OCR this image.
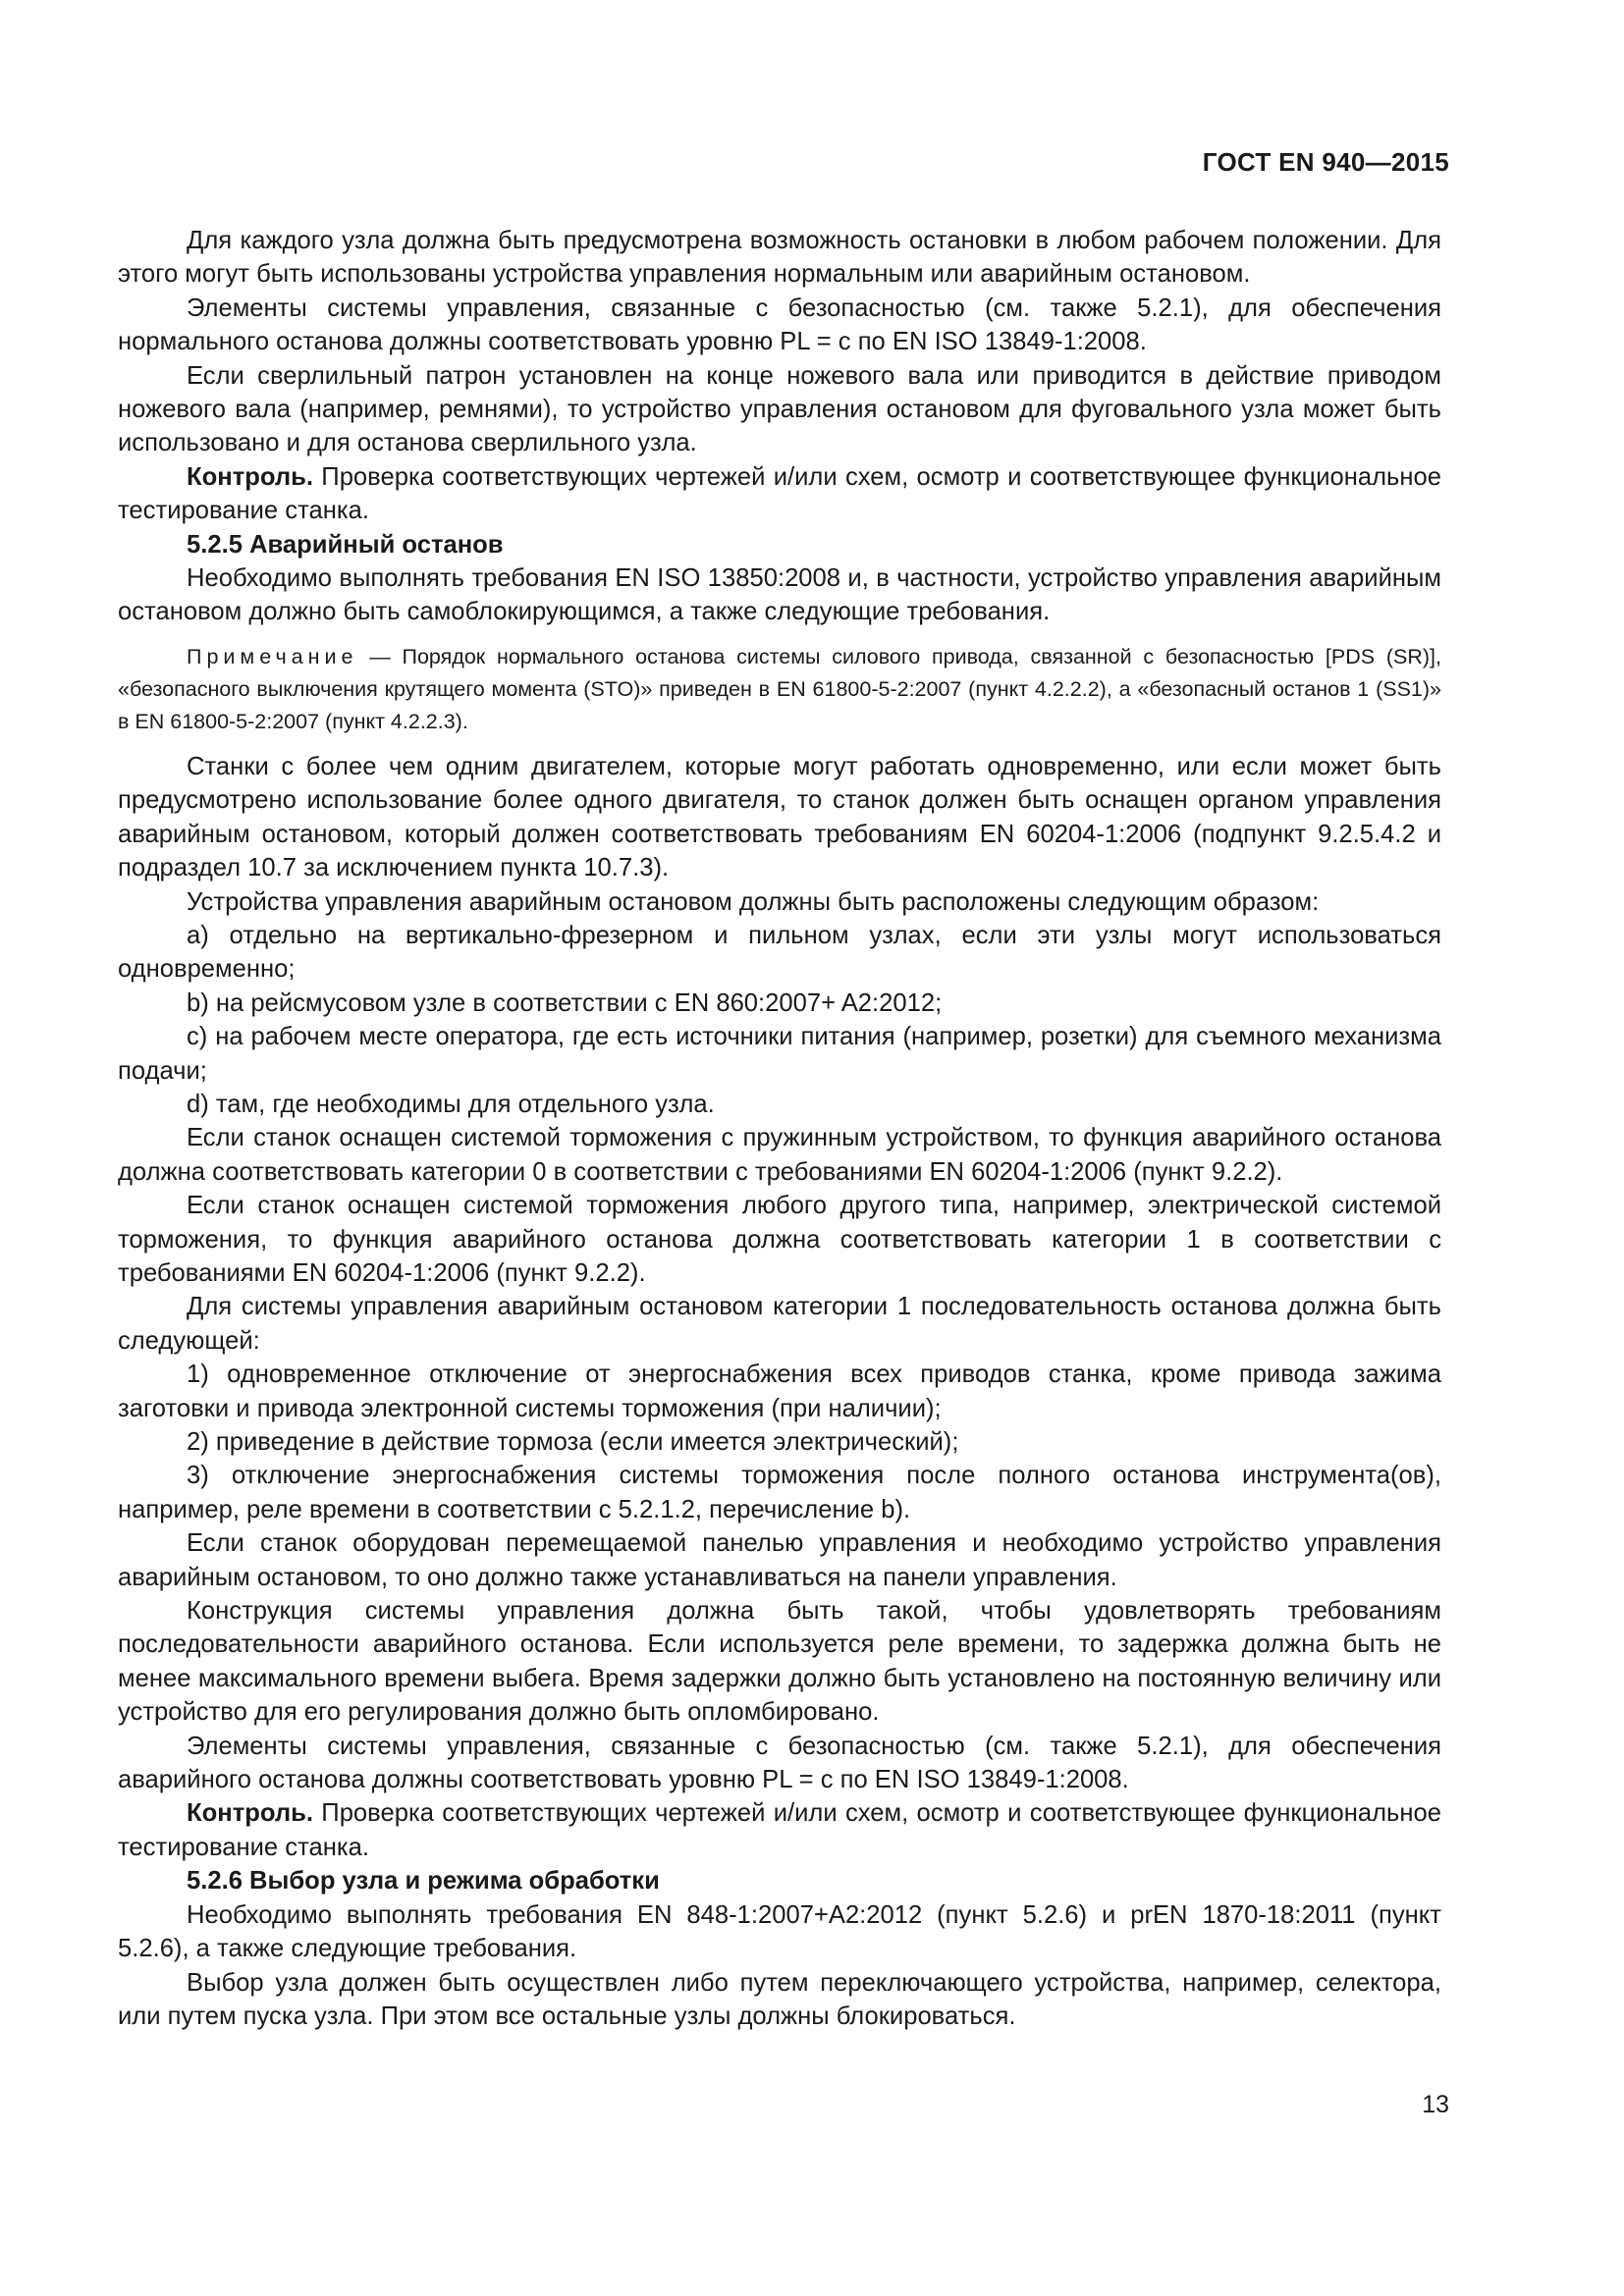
ГОСТ EN 940—2015

Для каждого узла должна быть предусмотрена возможность остановки в любом рабочем положении. Для этого могут быть использованы устройства управления нормальным или аварийным остановом.

Элементы системы управления, связанные с безопасностью (см. также 5.2.1), для обеспечения нормального останова должны соответствовать уровню PL = c по EN ISO 13849-1:2008.

Если сверлильный патрон установлен на конце ножевого вала или приводится в действие приводом ножевого вала (например, ремнями), то устройство управления остановом для фуговального узла может быть использовано и для останова сверлильного узла.

Контроль. Проверка соответствующих чертежей и/или схем, осмотр и соответствующее функциональное тестирование станка.

5.2.5 Аварийный останов

Необходимо выполнять требования EN ISO 13850:2008 и, в частности, устройство управления аварийным остановом должно быть самоблокирующимся, а также следующие требования.

Примечание — Порядок нормального останова системы силового привода, связанной с безопасностью [PDS (SR)], «безопасного выключения крутящего момента (STO)» приведен в EN 61800-5-2:2007 (пункт 4.2.2.2), а «безопасный останов 1 (SS1)» в EN 61800-5-2:2007 (пункт 4.2.2.3).

Станки с более чем одним двигателем, которые могут работать одновременно, или если может быть предусмотрено использование более одного двигателя, то станок должен быть оснащен органом управления аварийным остановом, который должен соответствовать требованиям EN 60204-1:2006 (подпункт 9.2.5.4.2 и подраздел 10.7 за исключением пункта 10.7.3).

Устройства управления аварийным остановом должны быть расположены следующим образом:

a) отдельно на вертикально-фрезерном и пильном узлах, если эти узлы могут использоваться одновременно;

b) на рейсмусовом узле в соответствии с EN 860:2007+ A2:2012;

c) на рабочем месте оператора, где есть источники питания (например, розетки) для съемного механизма подачи;

d) там, где необходимы для отдельного узла.

Если станок оснащен системой торможения с пружинным устройством, то функция аварийного останова должна соответствовать категории 0 в соответствии с требованиями EN 60204-1:2006 (пункт 9.2.2).

Если станок оснащен системой торможения любого другого типа, например, электрической системой торможения, то функция аварийного останова должна соответствовать категории 1 в соответствии с требованиями EN 60204-1:2006 (пункт 9.2.2).

Для системы управления аварийным остановом категории 1 последовательность останова должна быть следующей:

1) одновременное отключение от энергоснабжения всех приводов станка, кроме привода зажима заготовки и привода электронной системы торможения (при наличии);

2) приведение в действие тормоза (если имеется электрический);

3) отключение энергоснабжения системы торможения после полного останова инструмента(ов), например, реле времени в соответствии с 5.2.1.2, перечисление b).

Если станок оборудован перемещаемой панелью управления и необходимо устройство управления аварийным остановом, то оно должно также устанавливаться на панели управления.

Конструкция системы управления должна быть такой, чтобы удовлетворять требованиям последовательности аварийного останова. Если используется реле времени, то задержка должна быть не менее максимального времени выбега. Время задержки должно быть установлено на постоянную величину или устройство для его регулирования должно быть опломбировано.

Элементы системы управления, связанные с безопасностью (см. также 5.2.1), для обеспечения аварийного останова должны соответствовать уровню PL = c по EN ISO 13849-1:2008.

Контроль. Проверка соответствующих чертежей и/или схем, осмотр и соответствующее функциональное тестирование станка.

5.2.6 Выбор узла и режима обработки

Необходимо выполнять требования EN 848-1:2007+A2:2012 (пункт 5.2.6) и prEN 1870-18:2011 (пункт 5.2.6), а также следующие требования.

Выбор узла должен быть осуществлен либо путем переключающего устройства, например, селектора, или путем пуска узла. При этом все остальные узлы должны блокироваться.

13
